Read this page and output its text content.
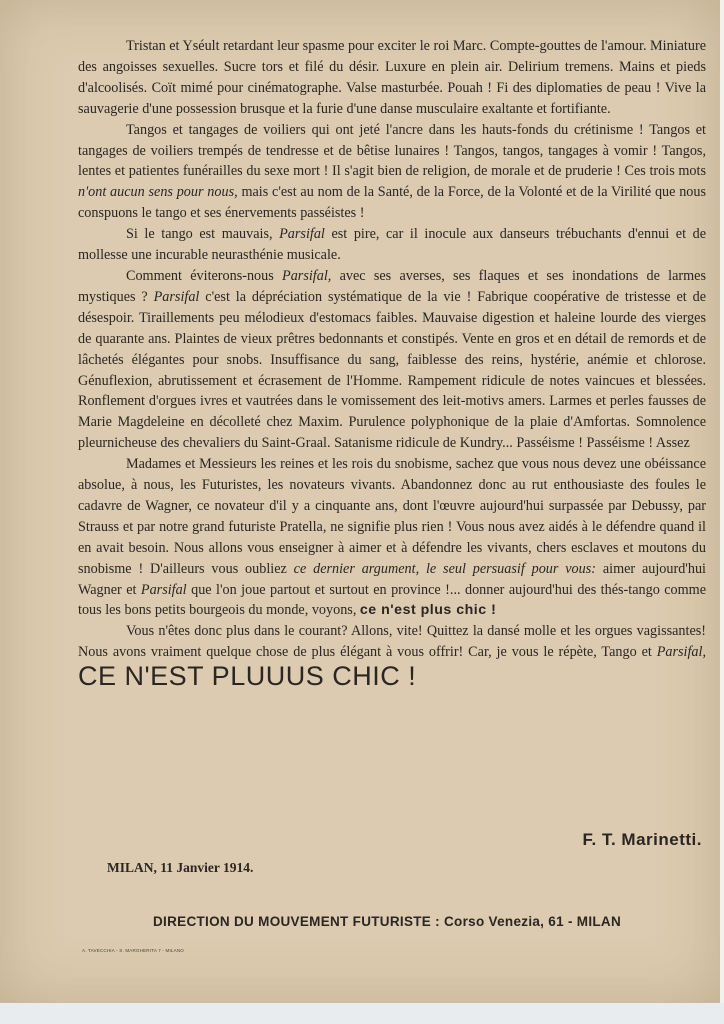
Tristan et Yséult retardant leur spasme pour exciter le roi Marc. Compte-gouttes de l'amour. Miniature des angoisses sexuelles. Sucre tors et filé du désir. Luxure en plein air. Delirium tremens. Mains et pieds d'alcoolisés. Coït mimé pour cinématographe. Valse masturbée. Pouah ! Fi des diplomaties de peau ! Vive la sauvagerie d'une possession brusque et la furie d'une danse musculaire exaltante et fortifiante.

Tangos et tangages de voiliers qui ont jeté l'ancre dans les hauts-fonds du crétinisme ! Tangos et tangages de voiliers trempés de tendresse et de bêtise lunaires ! Tangos, tangos, tangages à vomir ! Tangos, lentes et patientes funérailles du sexe mort ! Il s'agit bien de religion, de morale et de pruderie ! Ces trois mots n'ont aucun sens pour nous, mais c'est au nom de la Santé, de la Force, de la Volonté et de la Virilité que nous conspuons le tango et ses énervements passéistes !

Si le tango est mauvais, Parsifal est pire, car il inocule aux danseurs trébuchants d'ennui et de mollesse une incurable neurasthénie musicale.

Comment éviterons-nous Parsifal, avec ses averses, ses flaques et ses inondations de larmes mystiques ? Parsifal c'est la dépréciation systématique de la vie ! Fabrique coopérative de tristesse et de désespoir. Tiraillements peu mélodieux d'estomacs faibles. Mauvaise digestion et haleine lourde des vierges de quarante ans. Plaintes de vieux prêtres bedonnants et constipés. Vente en gros et en détail de remords et de lâchetés élégantes pour snobs. Insuffisance du sang, faiblesse des reins, hystérie, anémie et chlorose. Génuflexion, abrutissement et écrasement de l'Homme. Rampement ridicule de notes vaincues et blessées. Ronflement d'orgues ivres et vautrées dans le vomissement des leit-motivs amers. Larmes et perles fausses de Marie Magdeleine en décolleté chez Maxim. Purulence polyphonique de la plaie d'Amfortas. Somnolence pleurnicheuse des chevaliers du Saint-Graal. Satanisme ridicule de Kundry... Passéisme ! Passéisme ! Assez

Madames et Messieurs les reines et les rois du snobisme, sachez que vous nous devez une obéissance absolue, à nous, les Futuristes, les novateurs vivants. Abandonnez donc au rut enthousiaste des foules le cadavre de Wagner, ce novateur d'il y a cinquante ans, dont l'œuvre aujourd'hui surpassée par Debussy, par Strauss et par notre grand futuriste Pratella, ne signifie plus rien ! Vous nous avez aidés à le défendre quand il en avait besoin. Nous allons vous enseigner à aimer et à défendre les vivants, chers esclaves et moutons du snobisme ! D'ailleurs vous oubliez ce dernier argument, le seul persuasif pour vous: aimer aujourd'hui Wagner et Parsifal que l'on joue partout et surtout en province !... donner aujourd'hui des thés-tango comme tous les bons petits bourgeois du monde, voyons, ce n'est plus chic !

Vous n'êtes donc plus dans le courant? Allons, vite! Quittez la dansé molle et les orgues vagissantes! Nous avons vraiment quelque chose de plus élégant à vous offrir! Car, je vous le répète, Tango et Parsifal, CE N'EST PLUUUS CHIC !

F. T. Marinetti.
MILAN, 11 Janvier 1914.
DIRECTION DU MOUVEMENT FUTURISTE : Corso Venezia, 61 - MILAN
A. TAVECCHIA - S. MARGHERITA 7 - MILANO
